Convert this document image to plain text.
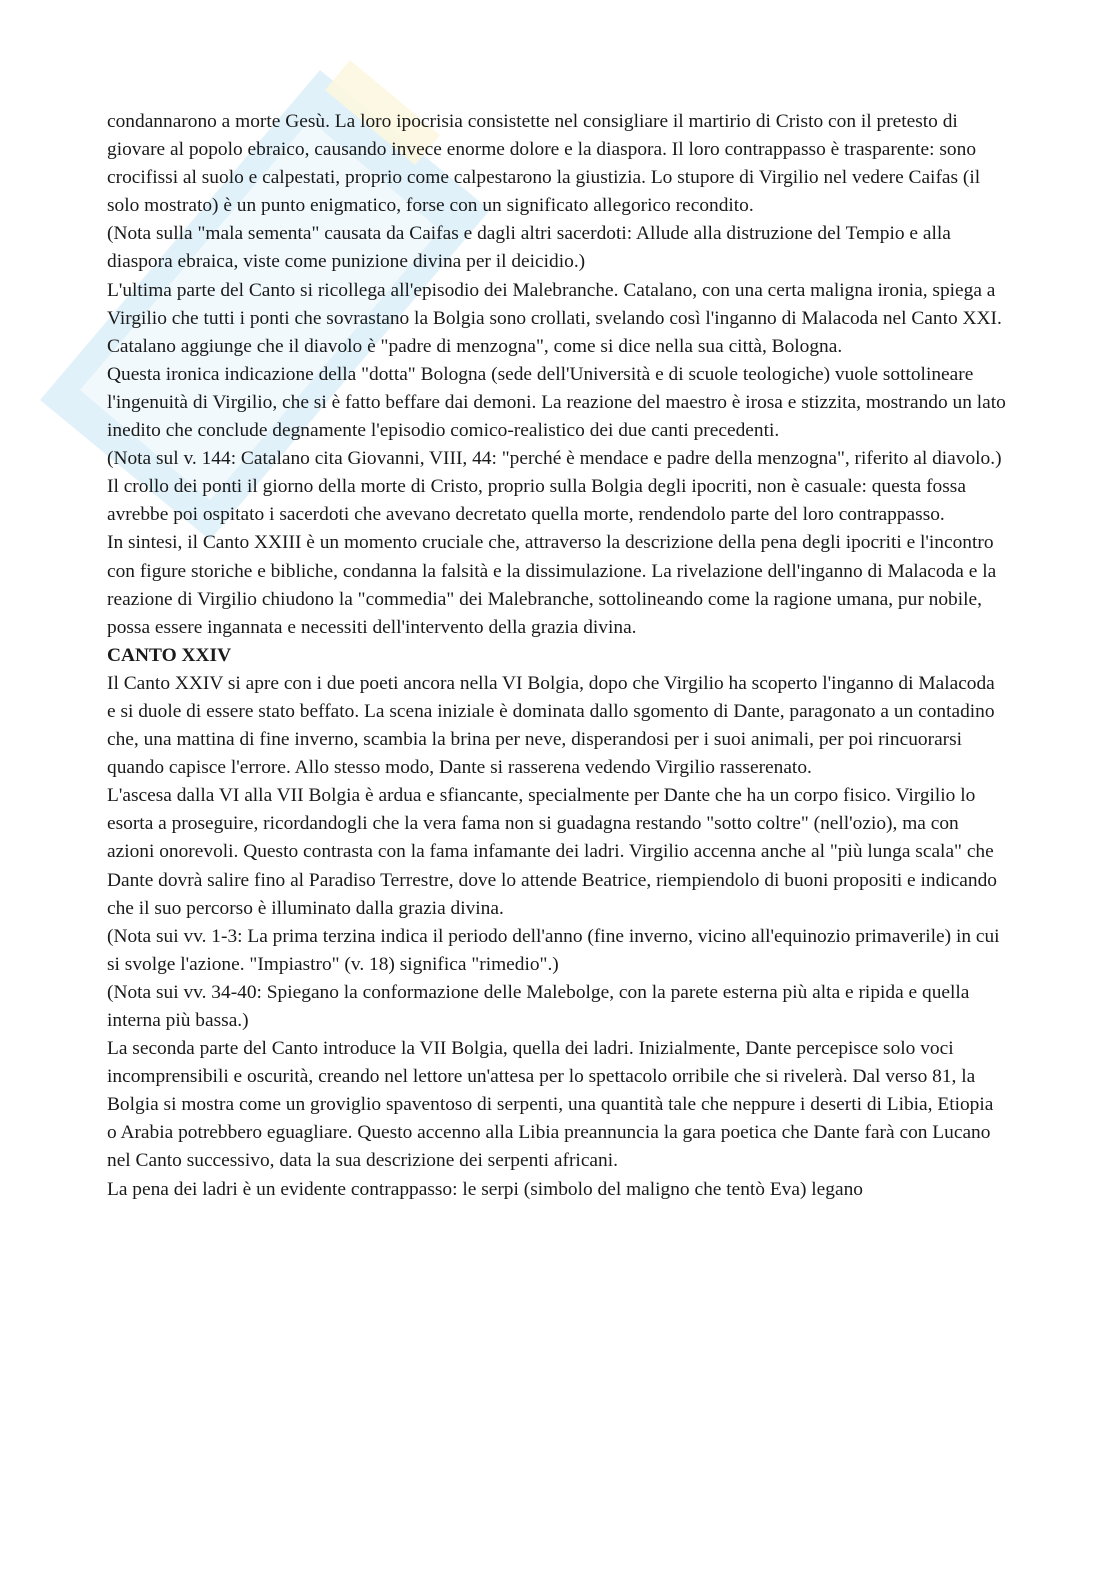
condannarono a morte Gesù. La loro ipocrisia consistette nel consigliare il martirio di Cristo con il pretesto di giovare al popolo ebraico, causando invece enorme dolore e la diaspora. Il loro contrappasso è trasparente: sono crocifissi al suolo e calpestati, proprio come calpestarono la giustizia. Lo stupore di Virgilio nel vedere Caifas (il solo mostrato) è un punto enigmatico, forse con un significato allegorico recondito.

(Nota sulla "mala sementa" causata da Caifas e dagli altri sacerdoti: Allude alla distruzione del Tempio e alla diaspora ebraica, viste come punizione divina per il deicidio.)

L'ultima parte del Canto si ricollega all'episodio dei Malebranche. Catalano, con una certa maligna ironia, spiega a Virgilio che tutti i ponti che sovrastano la Bolgia sono crollati, svelando così l'inganno di Malacoda nel Canto XXI. Catalano aggiunge che il diavolo è "padre di menzogna", come si dice nella sua città, Bologna.

Questa ironica indicazione della "dotta" Bologna (sede dell'Università e di scuole teologiche) vuole sottolineare l'ingenuità di Virgilio, che si è fatto beffare dai demoni. La reazione del maestro è irosa e stizzita, mostrando un lato inedito che conclude degnamente l'episodio comico-realistico dei due canti precedenti.

(Nota sul v. 144: Catalano cita Giovanni, VIII, 44: "perché è mendace e padre della menzogna", riferito al diavolo.)

Il crollo dei ponti il giorno della morte di Cristo, proprio sulla Bolgia degli ipocriti, non è casuale: questa fossa avrebbe poi ospitato i sacerdoti che avevano decretato quella morte, rendendolo parte del loro contrappasso.

In sintesi, il Canto XXIII è un momento cruciale che, attraverso la descrizione della pena degli ipocriti e l'incontro con figure storiche e bibliche, condanna la falsità e la dissimulazione. La rivelazione dell'inganno di Malacoda e la reazione di Virgilio chiudono la "commedia" dei Malebranche, sottolineando come la ragione umana, pur nobile, possa essere ingannata e necessiti dell'intervento della grazia divina.

CANTO XXIV

Il Canto XXIV si apre con i due poeti ancora nella VI Bolgia, dopo che Virgilio ha scoperto l'inganno di Malacoda e si duole di essere stato beffato. La scena iniziale è dominata dallo sgomento di Dante, paragonato a un contadino che, una mattina di fine inverno, scambia la brina per neve, disperandosi per i suoi animali, per poi rincuorarsi quando capisce l'errore. Allo stesso modo, Dante si rasserena vedendo Virgilio rasserenato.

L'ascesa dalla VI alla VII Bolgia è ardua e sfiancante, specialmente per Dante che ha un corpo fisico. Virgilio lo esorta a proseguire, ricordandogli che la vera fama non si guadagna restando "sotto coltre" (nell'ozio), ma con azioni onorevoli. Questo contrasta con la fama infamante dei ladri. Virgilio accenna anche al "più lunga scala" che Dante dovrà salire fino al Paradiso Terrestre, dove lo attende Beatrice, riempiendolo di buoni propositi e indicando che il suo percorso è illuminato dalla grazia divina.

(Nota sui vv. 1-3: La prima terzina indica il periodo dell'anno (fine inverno, vicino all'equinozio primaverile) in cui si svolge l'azione. "Impiastro" (v. 18) significa "rimedio".)

(Nota sui vv. 34-40: Spiegano la conformazione delle Malebolge, con la parete esterna più alta e ripida e quella interna più bassa.)

La seconda parte del Canto introduce la VII Bolgia, quella dei ladri. Inizialmente, Dante percepisce solo voci incomprensibili e oscurità, creando nel lettore un'attesa per lo spettacolo orribile che si rivelerà. Dal verso 81, la Bolgia si mostra come un groviglio spaventoso di serpenti, una quantità tale che neppure i deserti di Libia, Etiopia o Arabia potrebbero eguagliare. Questo accenno alla Libia preannuncia la gara poetica che Dante farà con Lucano nel Canto successivo, data la sua descrizione dei serpenti africani.

La pena dei ladri è un evidente contrappasso: le serpi (simbolo del maligno che tentò Eva) legano
